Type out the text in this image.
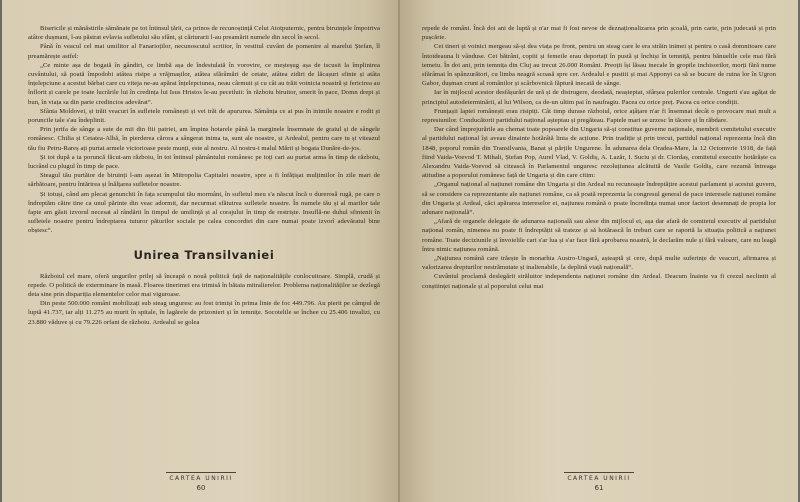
Bisericile și mănăstirile sămănate pe tot întinsul țării, ca prinos de recunoștință Celui Atotputernic, pentru biruințele împotriva atâtor dușmani, î-au păstrat evlavia sufletului său sfânt, și cărturarii l-au preamărit numele din secol în secol.

Până în veacul cel mai umilitor al Fanarioților, necunoscutul scriitor, în vestitul cuvânt de pomenire al marelui Ștefan, îl preamărește astfel:

„Ce minte așa de bogată în gândiri, ce limbă așa de îndestulată în vorovire, ce meșteșug așa de iscusit la împlinirea cuvântului, să poată împodobi atâtea risipe a vrăjmașilor, atâtea sfărâmări de cetate, atâtea zidiri de lăcașuri sfinte și atâta înțelepciune a acestui bărbat care cu viteja ne-au apărat înțelepciunea, neau cârmuit și cu cât au trăit voinicia noastră și fericirea au înflorit și carele pe toate lucrările lui în credința lui Isus Hristos le-au pecetluit: în războiu biruitor, smerit în pace, Domn drept și bun, în viața sa din parte credincios adevărat“.

Sfânta Moldovei, și trăit veacuri în sufletele românești și vei trăi de apururea. Sămânța ce ai pus în inimile noastre e rodit și poruncile tale s'au îndeplinit.

Prin jertfa de sânge a sute de mii din fiii patriei, am împins hotarele până la marginele însemnate de graiul și de sângele românesc. Chilia și Cetatea-Albă, în pierderea cărora a sângerat inima ta, sunt ale noastre, și Ardealul, pentru care tu și viteazul tău fiu Petru-Rareș ați purtat armele victorioase peste munți, este al nostru. Al nostru-i malul Mării și bogata Dunăre-de-jos.

Și tot după a ta poruncă făcut-am războiu, în tot întinsul pământului românesc pe toți cari au purtat arma în timp de războiu, lucrând cu plugul în timp de pace.

Steagul tău purtător de biruinți l-am așezat în Mitropolia Capitalei noastre, spre a fi înfățișat mulțimilor în zile mari de sărbătoare, pentru întărirea și înălțarea sufletelor noastre.

Și totuși, când am plecat genunchii în fața scumpului tău mormânt, în sufletul meu s'a născut încă o durerosă rugă, pe care o îndreptăm către tine ca unul părinte din veac adormit, dar necurmat sfătuirea sufletele noastre. În numele tău și al marilor tale fapte am găsit izvorul necesat al rândării în timpul de umilință și al corajului în timp de restriște. Insuflă-ne duhul sfintenii în sufletele noastre pentru îndreptarea tuturor păturilor sociale pe calea concordiei din care numai poate izvorî adevăratul bine obștesc“.

Unirea Transilvaniei

Războiul cel mare, oferă ungurilor prilej să înceapă o nouă politică față de naționalitățile conlocuitoare. Simplă, crudă și repede. O politică de exterminare în masă. Floarea tinerimei era trimisă în bătaia mitralierelor. Problema naționalităților se dezlegă deta sine prin dispariția elementelor celor mai viguroase.

Din peste 500.000 români mobilizați sub steag unguresc au fost trimiși în prima linie de foc 449.796. Au pierit pe câmpul de luptă 41.737, iar alți 11.275 au murit în spitale, în lagărele de prizonieri și în temnițe. Socotelile se închee cu 25.406 invalizi, cu 23.880 văduve și cu 79.226 orfani de războiu. Ardealul se golea

CARTEA UNIRII
60

repede de români. Încă doi ani de luptă și n'ar mai fi fost nevoe de deznaționalizarea prin școală, prin carte, prin judecată și prin pușcărie.

Cei tineri și voinici mergeau să-și dea viața pe front, pentru un steag care le era străin inimei și pentru o casă domnitoare care întotdeauna li vândusе. Cei bătrâni, copiii și femeile erau deportați în pustă și închiși în temniță, pentru bănuelile cele mai fără temeiu. În doi ani, prin temnița din Cluj au trecut 26.000 Români. Preoții își lăsau inecale în gropile inchisorilor, morți fără nume sfărâmai în spânzurători, cu limba neagră scoasă spre cer. Ardealul e pustiit și mai Apponyi ca să se bucure de ruina lor în Ugron Gabor, dușman crunt al românilor și scârbovnică făptură inecată de sânge.

Iar în mijlocul acestor desfășurări de ură și de distrugere, deodată, neașteptat, sfârșea pulerilor centrale. Ungurii s'au agățat de principiul autodeterminării, al lui Wilson, ca de-un ultim pai în naufragiu. Pacea cu orice preț. Pacea cu orice condiții.

Frunțașii laptei românești erau risipiți. Cât timp durase războiul, orice ațâțare n'ar fi însemnat decât o provocare mai mult a represiunilor. Conducătorii partidului național așteptau și pregăteau. Faptele mari se urzesc în tăcere și în răbdare.

Dar când împrejurările au chemat toate popoarele din Ungaria să-și constitue guverne naționale, membrii comitetului executiv al partidului național își aveau dinainte hotărâtă linia de acțiune. Prin tradiție și prin trecut, partidul național reprezenta încă din 1848, poporul român din Transilvania, Banat și părțile Ungurene. În adunarea dela Oradea-Mare, la 12 Octomvrie 1918, de față fiind Vaida-Voevod T. Mihali, Ștefan Pop, Aurel Vlad, V. Goldiș, A. Lazăr, I. Suciu și dr. Ciordaș, comitetul executiv hotărăște ca Alexandru Vaida-Voevod să citească în Parlamentul unguresc rezoluțiunea alcătuită de Vasile Goldiș, care rezumă întreaga atitudine a poporului românesc față de Ungaria și din care citim:

„Organul național al națiunei române din Ungaria și din Ardeal nu recunoaște îndreptățire acestui parlament și acestui guvern, să se considere ca reprezentante ale națiunei române, ca să poată reprezenta la congresul general de pace interesele națiunei române din Ungaria și Ardeal, căci apărarea intereselor ei, națiunea română o poate încredința numai unor factori desemnați de propia lor adunare națională“.

„Afară de organele delegate de adunarea națională sau alese din mijlocul ei, așa dar afară de comitetul executiv al partidului național român, nimenea nu poate fi îndreptățit să trateze și să hotărască în treburi care se raportă la situația politică a națiunei române. Toate deciziunile și învoielile cari s'ar lua și s'ar face fără aprobarea noastră, le declarăm nule și fără valoare, care nu leagă întru nimic națiunea română.

„Națiunea română care trăește în monarhia Austro-Ungară, așteaptă și cere, după multe suferințe de veacuri, afirmarea și valorizarea drepturilor nestrămutate și inalienabile, la deplină viață națională“.

Cuvântul proclamă deslegării străluitor independenta națiunei române din Ardeal. Deacum înainte va fi crezul neclintit al conștiinței naționale și al poporului celui mai

CARTEA UNIRII
61
